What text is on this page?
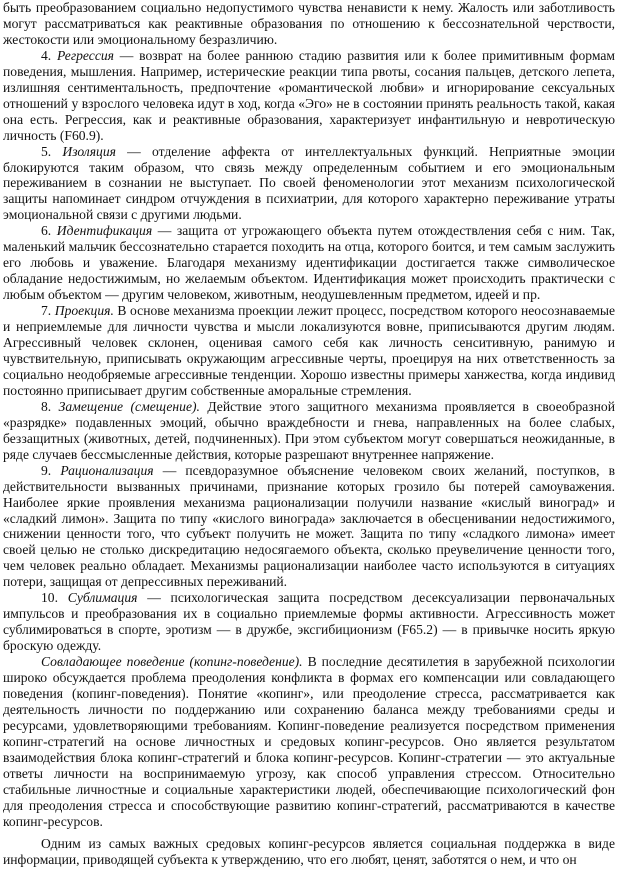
быть преобразованием социально недопустимого чувства ненависти к нему. Жалость или заботливость могут рассматриваться как реактивные образования по отношению к бессознательной черствости, жестокости или эмоциональному безразличию.

4. Регрессия — возврат на более раннюю стадию развития или к более примитивным формам поведения, мышления. Например, истерические реакции типа рвоты, сосания пальцев, детского лепета, излишняя сентиментальность, предпочтение «романтической любви» и игнорирование сексуальных отношений у взрослого человека идут в ход, когда «Эго» не в состоянии принять реальность такой, какая она есть. Регрессия, как и реактивные образования, характеризует инфантильную и невротическую личность (F60.9).

5. Изоляция — отделение аффекта от интеллектуальных функций. Неприятные эмоции блокируются таким образом, что связь между определенным событием и его эмоциональным переживанием в сознании не выступает. По своей феноменологии этот механизм психологической защиты напоминает синдром отчуждения в психиатрии, для которого характерно переживание утраты эмоциональной связи с другими людьми.

6. Идентификация — защита от угрожающего объекта путем отождествления себя с ним. Так, маленький мальчик бессознательно старается походить на отца, которого боится, и тем самым заслужить его любовь и уважение. Благодаря механизму идентификации достигается также символическое обладание недостижимым, но желаемым объектом. Идентификация может происходить практически с любым объектом — другим человеком, животным, неодушевленным предметом, идеей и пр.

7. Проекция. В основе механизма проекции лежит процесс, посредством которого неосознаваемые и неприемлемые для личности чувства и мысли локализуются вовне, приписываются другим людям. Агрессивный человек склонен, оценивая самого себя как личность сенситивную, ранимую и чувствительную, приписывать окружающим агрессивные черты, проецируя на них ответственность за социально неодобряемые агрессивные тенденции. Хорошо известны примеры ханжества, когда индивид постоянно приписывает другим собственные аморальные стремления.

8. Замещение (смещение). Действие этого защитного механизма проявляется в своеобразной «разрядке» подавленных эмоций, обычно враждебности и гнева, направленных на более слабых, беззащитных (животных, детей, подчиненных). При этом субъектом могут совершаться неожиданные, в ряде случаев бессмысленные действия, которые разрешают внутреннее напряжение.

9. Рационализация — псевдоразумное объяснение человеком своих желаний, поступков, в действительности вызванных причинами, признание которых грозило бы потерей самоуважения. Наиболее яркие проявления механизма рационализации получили название «кислый виноград» и «сладкий лимон». Защита по типу «кислого винограда» заключается в обесценивании недостижимого, снижении ценности того, что субъект получить не может. Защита по типу «сладкого лимона» имеет своей целью не столько дискредитацию недосягаемого объекта, сколько преувеличение ценности того, чем человек реально обладает. Механизмы рационализации наиболее часто используются в ситуациях потери, защищая от депрессивных переживаний.

10. Сублимация — психологическая защита посредством десексуализации первоначальных импульсов и преобразования их в социально приемлемые формы активности. Агрессивность может сублимироваться в спорте, эротизм — в дружбе, эксгибиционизм (F65.2) — в привычке носить яркую броскую одежду.

Совладающее поведение (копинг-поведение). В последние десятилетия в зарубежной психологии широко обсуждается проблема преодоления конфликта в формах его компенсации или совладающего поведения (копинг-поведения). Понятие «копинг», или преодоление стресса, рассматривается как деятельность личности по поддержанию или сохранению баланса между требованиями среды и ресурсами, удовлетворяющими требованиям. Копинг-поведение реализуется посредством применения копинг-стратегий на основе личностных и средовых копинг-ресурсов. Оно является результатом взаимодействия блока копинг-стратегий и блока копинг-ресурсов. Копинг-стратегии — это актуальные ответы личности на воспринимаемую угрозу, как способ управления стрессом. Относительно стабильные личностные и социальные характеристики людей, обеспечивающие психологический фон для преодоления стресса и способствующие развитию копинг-стратегий, рассматриваются в качестве копинг-ресурсов.

Одним из самых важных средовых копинг-ресурсов является социальная поддержка в виде информации, приводящей субъекта к утверждению, что его любят, ценят, заботятся о нем, и что он
